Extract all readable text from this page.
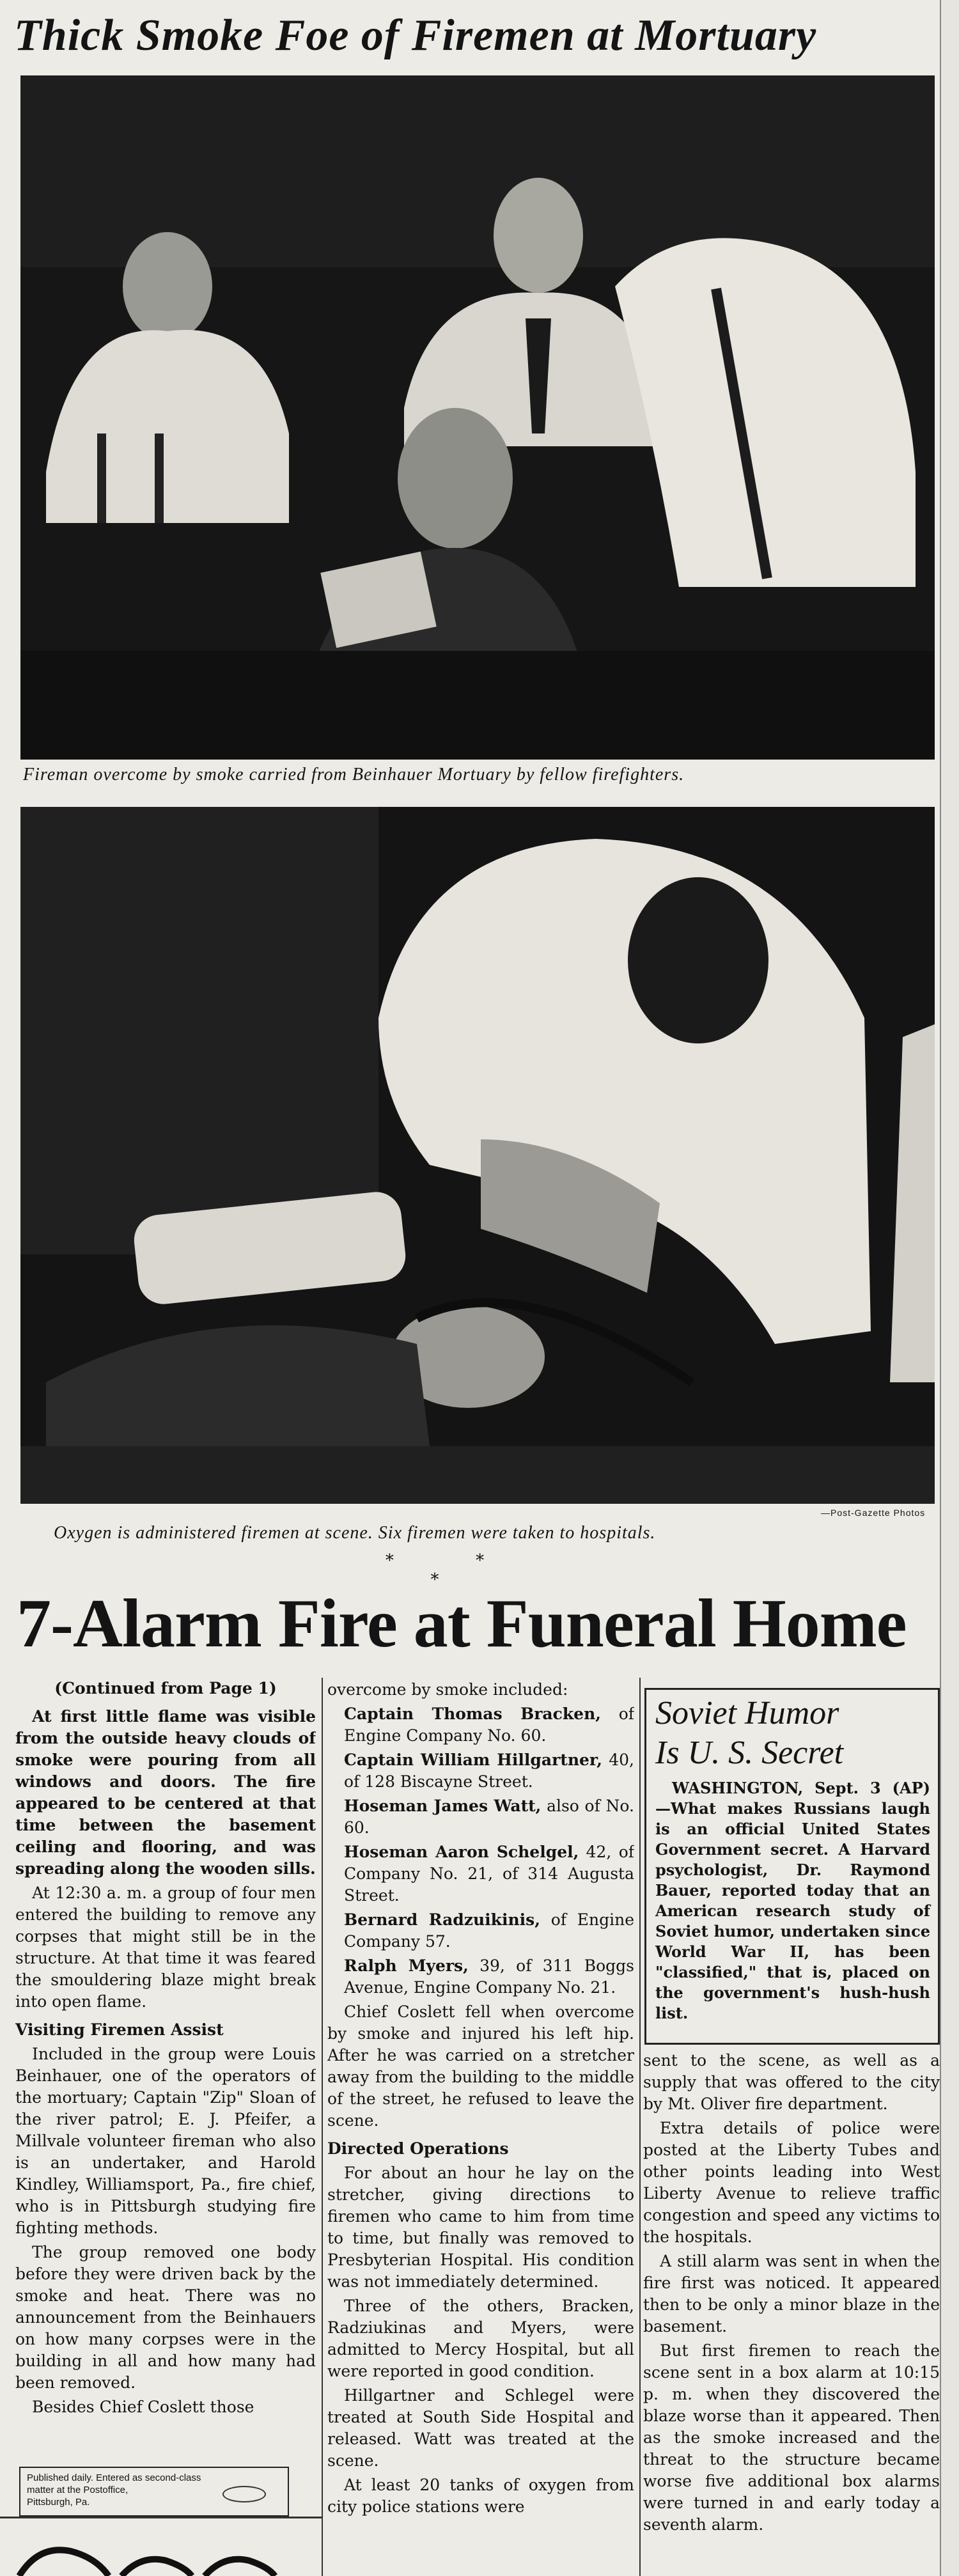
Thick Smoke Foe of Firemen at Mortuary
Fireman overcome by smoke carried from Beinhauer Mortuary by fellow firefighters.
—Post-Gazette Photos
Oxygen is administered firemen at scene. Six firemen were taken to hospitals.
* * *
7-Alarm Fire at Funeral Home

(Continued from Page 1)

At first little flame was visible from the outside heavy clouds of smoke were pouring from all windows and doors. The fire appeared to be centered at that time between the basement ceiling and flooring, and was spreading along the wooden sills.

At 12:30 a. m. a group of four men entered the building to remove any corpses that might still be in the structure. At that time it was feared the smouldering blaze might break into open flame.

Visiting Firemen Assist

Included in the group were Louis Beinhauer, one of the operators of the mortuary; Captain "Zip" Sloan of the river patrol; E. J. Pfeifer, a Millvale volunteer fireman who also is an undertaker, and Harold Kindley, Williamsport, Pa., fire chief, who is in Pittsburgh studying fire fighting methods.

The group removed one body before they were driven back by the smoke and heat. There was no announcement from the Beinhauers on how many corpses were in the building in all and how many had been removed.

Besides Chief Coslett those

Published daily. Entered as second-class
matter at the Postoffice,
Pittsburgh, Pa.

overcome by smoke included:

Captain Thomas Bracken, of Engine Company No. 60.

Captain William Hillgartner, 40, of 128 Biscayne Street.

Hoseman James Watt, also of No. 60.

Hoseman Aaron Schelgel, 42, of Company No. 21, of 314 Augusta Street.

Bernard Radzuikinis, of Engine Company 57.

Ralph Myers, 39, of 311 Boggs Avenue, Engine Company No. 21.

Chief Coslett fell when overcome by smoke and injured his left hip. After he was carried on a stretcher away from the building to the middle of the street, he refused to leave the scene.

Directed Operations

For about an hour he lay on the stretcher, giving directions to firemen who came to him from time to time, but finally was removed to Presbyterian Hospital. His condition was not immediately determined.

Three of the others, Bracken, Radziukinas and Myers, were admitted to Mercy Hospital, but all were reported in good condition.

Hillgartner and Schlegel were treated at South Side Hospital and released. Watt was treated at the scene.

At least 20 tanks of oxygen from city police stations were

Soviet Humor
Is U. S. Secret

WASHINGTON, Sept. 3 (AP) —What makes Russians laugh is an official United States Government secret. A Harvard psychologist, Dr. Raymond Bauer, reported today that an American research study of Soviet humor, undertaken since World War II, has been "classified," that is, placed on the government's hush-hush list.

sent to the scene, as well as a supply that was offered to the city by Mt. Oliver fire department.

Extra details of police were posted at the Liberty Tubes and other points leading into West Liberty Avenue to relieve traffic congestion and speed any victims to the hospitals.

A still alarm was sent in when the fire first was noticed. It appeared then to be only a minor blaze in the basement.

But first firemen to reach the scene sent in a box alarm at 10:15 p. m. when they discovered the blaze worse than it appeared. Then as the smoke increased and the threat to the structure became worse five additional box alarms were turned in and early today a seventh alarm.
